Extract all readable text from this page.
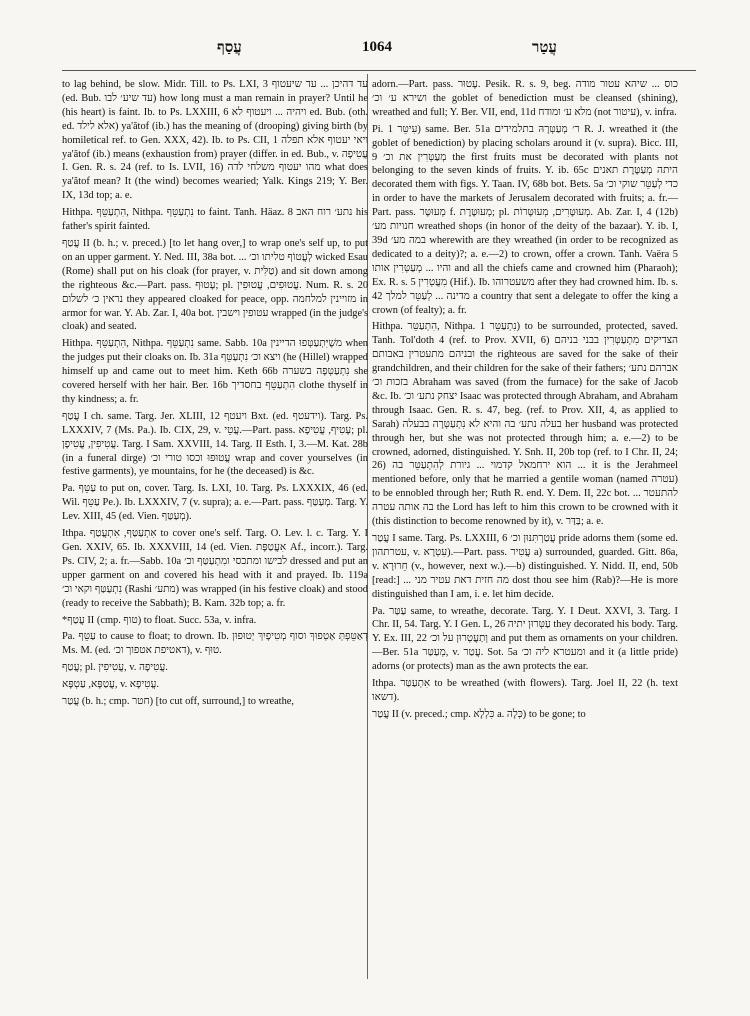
עֲסַף	1064	עֲטַר

to lag behind, be slow. Midr. Till. to Ps. LXI, 3 עד דהיכן ... עד שיעטוף (ed. Bub. עד שיע׳ לבו) how long must a man remain in prayer? Until he (his heart) is faint. Ib. to Ps. LXXIII, 6 ויהיה ... ויעטוף לא ed. Bub. (oth. ed. אלא לילד) ya'ătof (ib.) has the meaning of (drooping) giving birth (by homiletical ref. to Gen. XXX, 42). Ib. to Ps. CII, 1 ויאי יעטוף אלא תפלה ya'ătof (ib.) means (exhaustion from) prayer (differ. in ed. Bub., v. עֲטִיפָה I. Gen. R. s. 24 (ref. to Is. LVII, 16) מהו יעטוף משלחי לדה what does ya'ătof mean? It (the wind) becomes wearied; Yalk. Kings 219; Y. Ber. IX, 13d top; a. e.

Hithpa. הִתְעַטֵּף, Nithpa. נִתְעַטֵּף to faint. Tanh. Häaz. 8 נתע׳ רוח האב his father's spirit fainted.

עֲטַף II (b. h.; v. preced.) [to let hang over,] to wrap one's self up, to put on an upper garment. Y. Ned. III, 38a bot. ... לְעֲטוֹף טליתו וכ׳ wicked Esau (Rome) shall put on his cloak (for prayer, v. טַלִּית) and sit down among the righteous &c.—Part. pass. עָטוּף; pl. עֲטוּפִים, עֲטוּפִין. Num. R. s. 20 נראין כ׳ לשלום they appeared cloaked for peace, opp. מזויינין למלחמה in armor for war. Y. Ab. Zar. I, 40a bot. עטופין וישבין wrapped (in the judge's cloak) and seated.

Hithpa. הִתְעַטֵּף, Nithpa. נִתְעַטֵּף same. Sabb. 10a משֶׁיִּתְעַטְּפוּ הדיינין when the judges put their cloaks on. Ib. 31a ויצא וכ׳ נִתְעַטֵּף (he (Hillel) wrapped himself up and came out to meet him. Keth 66b נִתְעַטְּפָה בשערה she covered herself with her hair. Ber. 16b הִתְעַטֵּף בחסדיך clothe thyself in thy kindness; a. fr.

עֲטַף I ch. same. Targ. Jer. XLIII, 12 ויעטף Bxt. (ed. וידעטף). Targ. Ps. LXXXIV, 7 (Ms. Pa.). Ib. CIX, 29, v. עֲטֵי.—Part. pass. עָטִיף, עֲטִיפָא; pl. עֲטִיפִין, עֲטִיפָן. Targ. I Sam. XXVIII, 14. Targ. II Esth. I, 3.—M. Kat. 28b (in a funeral dirge) עֲטוּפוּ וכסו טורי וכ׳ wrap and cover yourselves (in festive garments), ye mountains, for he (the deceased) is &c.

Pa. עַטֵּף to put on, cover. Targ. Is. LXI, 10. Targ. Ps. LXXXIX, 46 (ed. Wil. עַטֵּף Pe.). Ib. LXXXIV, 7 (v. supra); a. e.—Part. pass. מְעַטַּף. Targ. Y. Lev. XIII, 45 (ed. Vien. מְעַטַּף).

Ithpa. אִתְעַטַּף, אִתְעֲטַף to cover one's self. Targ. O. Lev. l. c. Targ. Y. I Gen. XXIV, 65. Ib. XXXVIII, 14 (ed. Vien. אִעֲטַפָּת Af., incorr.). Targ. Ps. CIV, 2; a. fr.—Sabb. 10a לבישו ומתכסי ומִתְעַטַּף וכ׳ dressed and put an upper garment on and covered his head with it and prayed. Ib. 119a נִתְעַטַּף וקאי וכ׳ (Rashi מתע׳) was wrapped (in his festive cloak) and stood (ready to receive the Sabbath); B. Kam. 32b top; a. fr.

*עֲטַף II (cmp. טוף) to float. Succ. 53a, v. infra.

Pa. עַטֵּף to cause to float; to drown. Ib. דְאַטֵּפְתְּ אַטְפוּךְ וסוף מְטִיפָיִךְ יְטוּפוּן Ms. M. (ed. דאטיפת אטפוך וכ׳), v. טוּף.

עֲטַף; pl. עֲטִיפִין, v. עֲטִיפָה.

עֲטַפָּא, עַטְפָּא, v. עֲטִיפָא.

עֲטַר (b. h.; cmp. חטר) [to cut off, surround,] to wreathe,

adorn.—Part. pass. עָטוּר. Pesik. R. s. 9, beg. כוס ... שיהא עטור מודה ושירא ע׳ וכ׳ the goblet of benediction must be cleansed (shining), wreathed and full; Y. Ber. VII, end, 11d מלא ע׳ ומודח (not עיטור), v. infra.

Pi. עִיטֵּר 1) same. Ber. 51a ר׳ מְעַטְּרָהּ בתלמידים R. J. wreathed it (the goblet of benediction) by placing scholars around it (v. supra). Bicc. III, 9 מְעַטְּרִין את וכ׳ the first fruits must be decorated with plants not belonging to the seven kinds of fruits. Y. ib. 65c היתה מְעַטֶּרֶת תאנים decorated them with figs. Y. Taan. IV, 68b bot. Bets. 5a כדי לְעַטֵּר שוקי וכ׳ in order to have the markets of Jerusalem decorated with fruits; a. fr.—Part. pass. מְעוּטָּר f. מְעוּטֶּרֶת; pl. מְעוּטָּרִים, מְעוּטָּרוֹת. Ab. Zar. I, 4 (12b) חנויות מע׳ wreathed shops (in honor of the deity of the bazaar). Y. ib. I, 39d במה מע׳ wherewith are they wreathed (in order to be recognized as dedicated to a deity)?; a. e.—2) to crown, offer a crown. Tanh. Vaëra 5 והיו ... מְעַטְּרִין אותו and all the chiefs came and crowned him (Pharaoh); Ex. R. s. 5 מִעֲטְרִין (Hif.). Ib. משעטרוהו after they had crowned him. Ib. s. 42 מדינה ... לְעַטֵּר למלך a country that sent a delegate to offer the king a crown (of fealty); a. fr.

Hithpa. הִתְעַטֵּר, Nithpa. נִתְעַטֵּר 1) to be surrounded, protected, saved. Tanh. Tol'doth 4 (ref. to Prov. XVII, 6) הצדיקים מִתְעַטְּרִין בבני בניהם ובניהם מתעטרין באבותם the righteous are saved for the sake of their grandchildren, and their children for the sake of their fathers; אברהם נתע׳ בזכות וכ׳ Abraham was saved (from the furnace) for the sake of Jacob &c. Ib. יצחק נתע׳ וכ׳ Isaac was protected through Abraham, and Abraham through Isaac. Gen. R. s. 47, beg. (ref. to Prov. XII, 4, as applied to Sarah) בעלה נתע׳ בה והיא לא נִתְעַטְּרָה בבעלה her husband was protected through her, but she was not protected through him; a. e.—2) to be crowned, adorned, distinguished. Y. Snh. II, 20b top (ref. to I Chr. II, 24; 26) הוא ירחמאל קדמוי ... גיורת לְהִתְעַטֵּר בה ... it is the Jerahmeel mentioned before, only that he married a gentile woman (named עטרה) to be ennobled through her; Ruth R. end. Y. Dem. II, 22c bot. ... להתעטר בה אותה עטרה the Lord has left to him this crown to be crowned with it (this distinction to become renowned by it), v. בַּדַּר; a. e.

עֲטַר I same. Targ. Ps. LXXIII, 6 עֲטַרְתִּנּוּן וכ׳ pride adorns them (some ed. עטרתהון, v. עִטְרָא).—Part. pass. עֲטִיר a) surrounded, guarded. Gitt. 86a, v. חֵרוּרָא (v., however, next w.).—b) distinguished. Y. Nidd. II, end, 50b [read:] ... מה חזית דאת עטיר מני dost thou see him (Rab)?—He is more distinguished than I am, i. e. let him decide.

Pa. עַטַּר same, to wreathe, decorate. Targ. Y. I Deut. XXVI, 3. Targ. I Chr. II, 54. Targ. Y. I Gen. L, 26 עַטְּרוּן יתיה they decorated his body. Targ. Y. Ex. III, 22 וְתַעֲטְרוּן על וכ׳ and put them as ornaments on your children.—Ber. 51a מְעַטַּר, v. עֲטַר. Sot. 5a ומעטרא ליה וכ׳ and it (a little pride) adorns (or protects) man as the awn protects the ear.

Ithpa. אִתְעַטַּר to be wreathed (with flowers). Targ. Joel II, 22 (h. text דשאו).

עֲטַר II (v. preced.; cmp. כִּלְלָא a. כְּלָה) to be gone; to
